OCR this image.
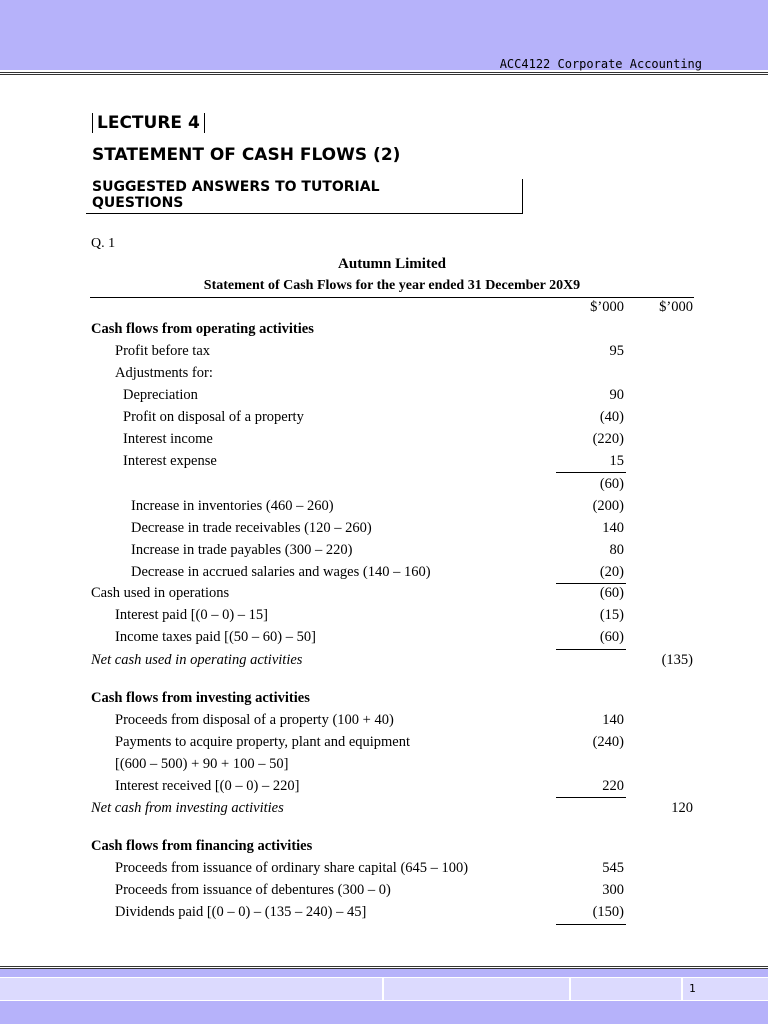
ACC4122 Corporate Accounting
LECTURE 4
STATEMENT OF CASH FLOWS (2)
SUGGESTED ANSWERS TO TUTORIAL
QUESTIONS
Q. 1
Autumn Limited
Statement of Cash Flows for the year ended 31 December 20X9
$’000	$’000
Cash flows from operating activities
Profit before tax	95
Adjustments for:
Depreciation	90
Profit on disposal of a property	(40)
Interest income	(220)
Interest expense	15
(60)
Increase in inventories (460 – 260)	(200)
Decrease in trade receivables (120 – 260)	140
Increase in trade payables (300 – 220)	80
Decrease in accrued salaries and wages (140 – 160)	(20)
Cash used in operations	(60)
Interest paid [(0 – 0) – 15]	(15)
Income taxes paid [(50 – 60) – 50]	(60)
Net cash used in operating activities	(135)
Cash flows from investing activities
Proceeds from disposal of a property (100 + 40)	140
Payments to acquire property, plant and equipment	(240)
[(600 – 500) + 90 + 100 – 50]
Interest received [(0 – 0) – 220]	220
Net cash from investing activities	120
Cash flows from financing activities
Proceeds from issuance of ordinary share capital (645 – 100)	545
Proceeds from issuance of debentures (300 – 0)	300
Dividends paid [(0 – 0) – (135 – 240) – 45]	(150)
1
